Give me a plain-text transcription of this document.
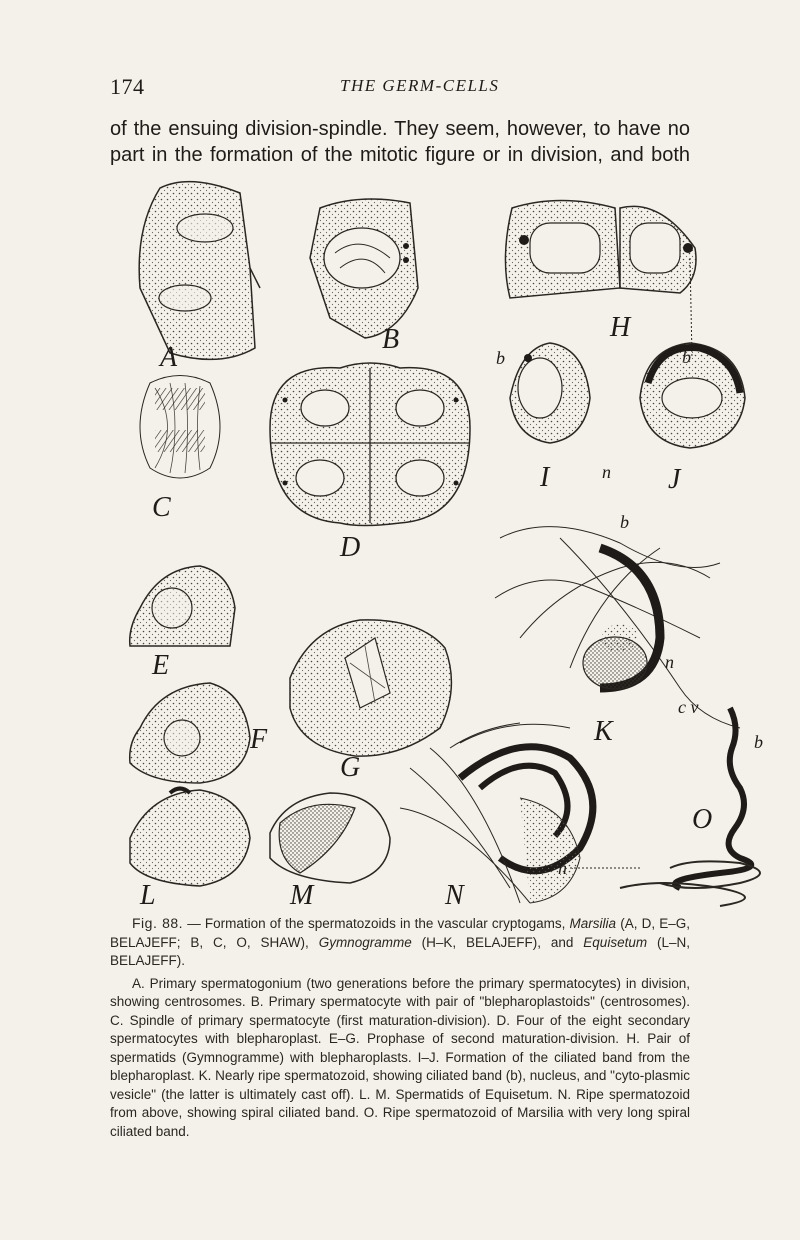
174	THE GERM-CELLS

of the ensuing division-spindle. They seem, however, to have no
part in the formation of the mitotic figure or in division, and both

A
B	H
C
D
I
b
n J
E
F
G
b
n
c v
K
L	M	N
b
O
n

Fig. 88. — Formation of the spermatozoids in the vascular cryptogams, Marsilia (A, D, E–G, BELAJEFF; B, C, O, SHAW), Gymnogramme (H–K, BELAJEFF), and Equisetum (L–N, BELAJEFF).

A. Primary spermatogonium (two generations before the primary spermatocytes) in division, showing centrosomes. B. Primary spermatocyte with pair of "blepharoplastoids" (centrosomes). C. Spindle of primary spermatocyte (first maturation-division). D. Four of the eight secondary spermatocytes with blepharoplast. E–G. Prophase of second maturation-division. H. Pair of spermatids (Gymnogramme) with blepharoplasts. I–J. Formation of the ciliated band from the blepharoplast. K. Nearly ripe spermatozoid, showing ciliated band (b), nucleus, and "cyto-plasmic vesicle" (the latter is ultimately cast off). L. M. Spermatids of Equisetum. N. Ripe spermatozoid from above, showing spiral ciliated band. O. Ripe spermatozoid of Marsilia with very long spiral ciliated band.
